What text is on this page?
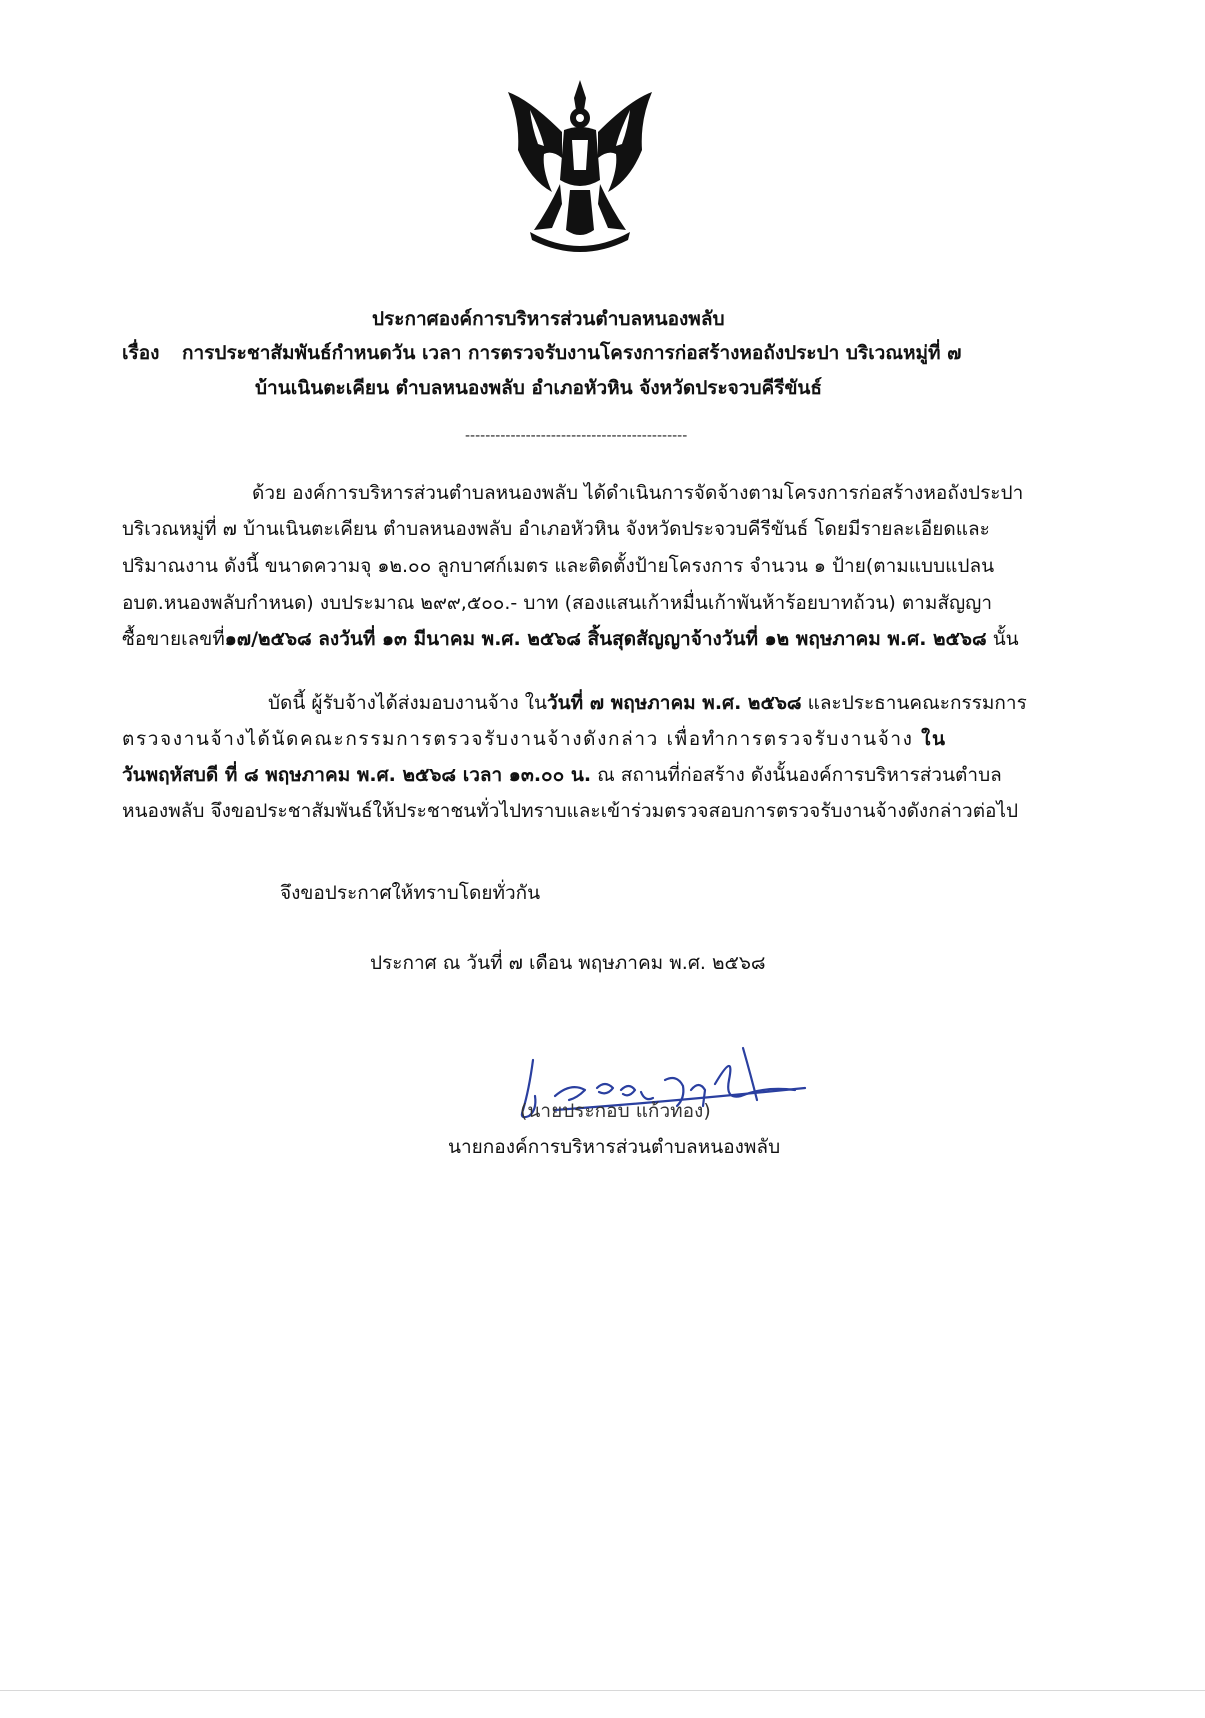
ประกาศองค์การบริหารส่วนตำบลหนองพลับ
เรื่อง การประชาสัมพันธ์กำหนดวัน เวลา การตรวจรับงานโครงการก่อสร้างหอถังประปา บริเวณหมู่ที่ ๗
บ้านเนินตะเคียน ตำบลหนองพลับ อำเภอหัวหิน จังหวัดประจวบคีรีขันธ์
--------------------------------------------
ด้วย องค์การบริหารส่วนตำบลหนองพลับ ได้ดำเนินการจัดจ้างตามโครงการก่อสร้างหอถังประปา
บริเวณหมู่ที่ ๗ บ้านเนินตะเคียน ตำบลหนองพลับ อำเภอหัวหิน จังหวัดประจวบคีรีขันธ์ โดยมีรายละเอียดและ
ปริมาณงาน ดังนี้ ขนาดความจุ ๑๒.๐๐ ลูกบาศก์เมตร และติดตั้งป้ายโครงการ จำนวน ๑ ป้าย(ตามแบบแปลน
อบต.หนองพลับกำหนด) งบประมาณ ๒๙๙,๕๐๐.- บาท (สองแสนเก้าหมื่นเก้าพันห้าร้อยบาทถ้วน) ตามสัญญา
ซื้อขายเลขที่๑๗/๒๕๖๘ ลงวันที่ ๑๓ มีนาคม พ.ศ. ๒๕๖๘ สิ้นสุดสัญญาจ้างวันที่ ๑๒ พฤษภาคม พ.ศ. ๒๕๖๘ นั้น
บัดนี้ ผู้รับจ้างได้ส่งมอบงานจ้าง ในวันที่ ๗ พฤษภาคม พ.ศ. ๒๕๖๘ และประธานคณะกรรมการ
ตรวจงานจ้างได้นัดคณะกรรมการตรวจรับงานจ้างดังกล่าว เพื่อทำการตรวจรับงานจ้าง ใน
วันพฤหัสบดี ที่ ๘ พฤษภาคม พ.ศ. ๒๕๖๘ เวลา ๑๓.๐๐ น. ณ สถานที่ก่อสร้าง ดังนั้นองค์การบริหารส่วนตำบล
หนองพลับ จึงขอประชาสัมพันธ์ให้ประชาชนทั่วไปทราบและเข้าร่วมตรวจสอบการตรวจรับงานจ้างดังกล่าวต่อไป
จึงขอประกาศให้ทราบโดยทั่วกัน
ประกาศ ณ วันที่ ๗ เดือน พฤษภาคม พ.ศ. ๒๕๖๘
(นายประกอบ แก้วทอง)
นายกองค์การบริหารส่วนตำบลหนองพลับ
